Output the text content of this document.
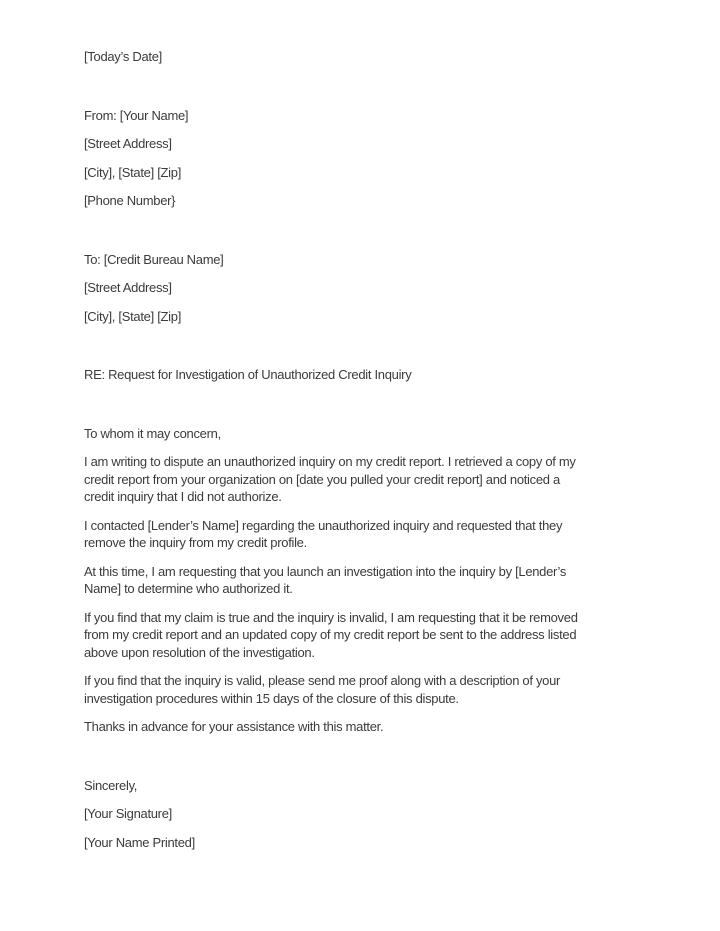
[Today’s Date]

From: [Your Name]

[Street Address]

[City], [State] [Zip]

[Phone Number}

To: [Credit Bureau Name]

[Street Address]

[City], [State] [Zip]

RE: Request for Investigation of Unauthorized Credit Inquiry

To whom it may concern,

I am writing to dispute an unauthorized inquiry on my credit report. I retrieved a copy of my
credit report from your organization on [date you pulled your credit report] and noticed a
credit inquiry that I did not authorize.
I contacted [Lender’s Name] regarding the unauthorized inquiry and requested that they
remove the inquiry from my credit profile.
At this time, I am requesting that you launch an investigation into the inquiry by [Lender’s
Name] to determine who authorized it.
If you find that my claim is true and the inquiry is invalid, I am requesting that it be removed
from my credit report and an updated copy of my credit report be sent to the address listed
above upon resolution of the investigation.
If you find that the inquiry is valid, please send me proof along with a description of your
investigation procedures within 15 days of the closure of this dispute.
Thanks in advance for your assistance with this matter.

Sincerely,

[Your Signature]

[Your Name Printed]
